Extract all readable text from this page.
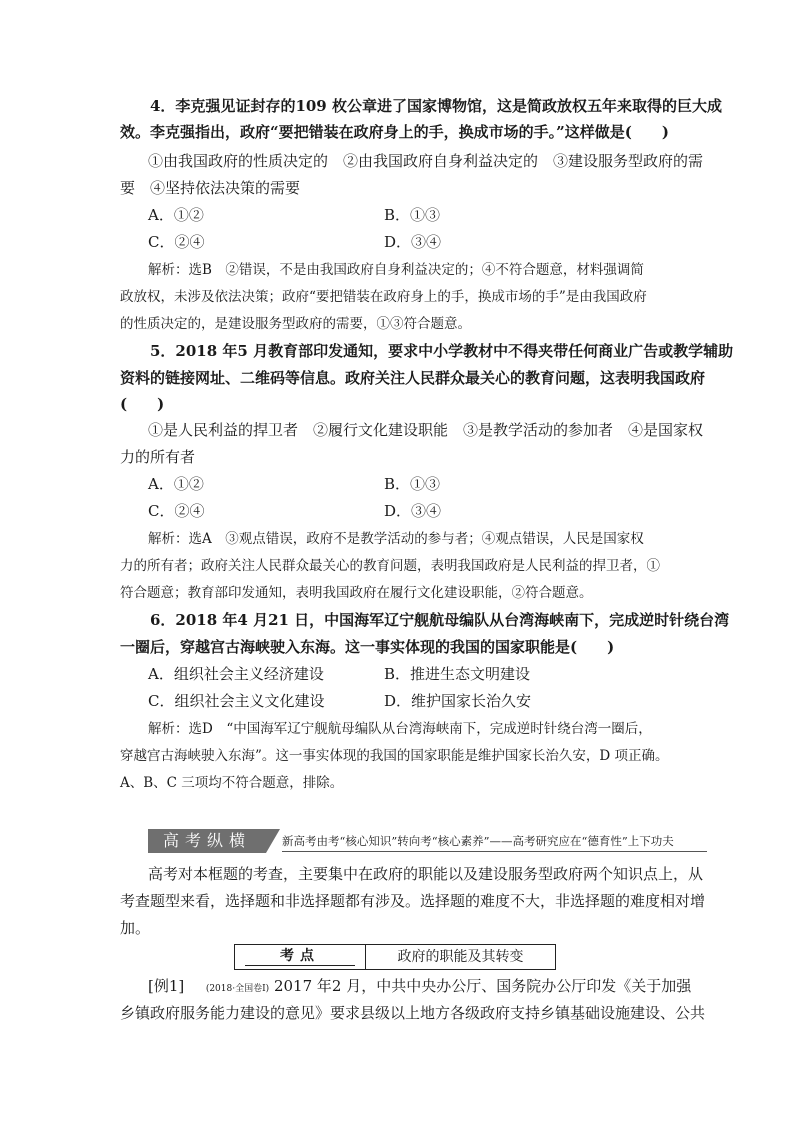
4．李克强见证封存的109 枚公章进了国家博物馆，这是简政放权五年来取得的巨大成
效。李克强指出，政府“要把错装在政府身上的手，换成市场的手。”这样做是(　　)
①由我国政府的性质决定的　②由我国政府自身利益决定的　③建设服务型政府的需
要　④坚持依法决策的需要
A．①②	B．①③
C．②④	D．③④
解析：选B　②错误，不是由我国政府自身利益决定的；④不符合题意，材料强调简
政放权，未涉及依法决策；政府“要把错装在政府身上的手，换成市场的手”是由我国政府
的性质决定的，是建设服务型政府的需要，①③符合题意。
5．2018 年5 月教育部印发通知，要求中小学教材中不得夹带任何商业广告或教学辅助
资料的链接网址、二维码等信息。政府关注人民群众最关心的教育问题，这表明我国政府
(　　)
①是人民利益的捍卫者　②履行文化建设职能　③是教学活动的参加者　④是国家权
力的所有者
A．①②	B．①③
C．②④	D．③④
解析：选A　③观点错误，政府不是教学活动的参与者；④观点错误，人民是国家权
力的所有者；政府关注人民群众最关心的教育问题，表明我国政府是人民利益的捍卫者，①
符合题意；教育部印发通知，表明我国政府在履行文化建设职能，②符合题意。
6．2018 年4 月21 日，中国海军辽宁舰航母编队从台湾海峡南下，完成逆时针绕台湾
一圈后，穿越宫古海峡驶入东海。这一事实体现的我国的国家职能是(　　)
A．组织社会主义经济建设	B．推进生态文明建设
C．组织社会主义文化建设	D．维护国家长治久安
解析：选D　“中国海军辽宁舰航母编队从台湾海峡南下，完成逆时针绕台湾一圈后，
穿越宫古海峡驶入东海”。这一事实体现的我国的国家职能是维护国家长治久安，D 项正确。
A、B、C 三项均不符合题意，排除。
高考纵横	新高考由考“核心知识”转向考“核心素养”——高考研究应在“德育性”上下功夫
高考对本框题的考查，主要集中在政府的职能以及建设服务型政府两个知识点上，从
考查题型来看，选择题和非选择题都有涉及。选择题的难度不大，非选择题的难度相对增
加。
考点	政府的职能及其转变
[例1] (2018·全国卷Ⅰ) 2017 年2 月，中共中央办公厅、国务院办公厅印发《关于加强
乡镇政府服务能力建设的意见》要求县级以上地方各级政府支持乡镇基础设施建设、公共
